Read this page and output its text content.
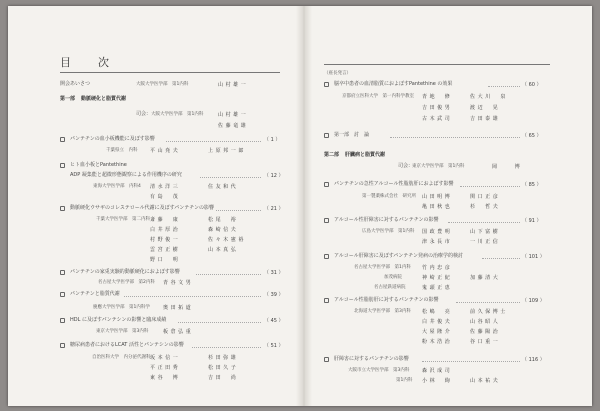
目　次
開会あいさつ	大阪大学医学部　第1内科	山 村 雄 一
第一部 動脈硬化と脂質代謝
司会： 大阪大学医学部　第1内科	山 村 雄 一
佐 藤 竜 雄
パンテチンの血小板機能に及ぼす影響	（ 1 ）
千葉県立　内科	平 山 尭 夫	上 原 邦 一 郎
ヒト血小板とPantethine
ADP 凝集能と超微形態観察による作用機序の研究	（ 12 ）
東海大学医学部　内科4 清 水 洋 三	住 友 和 代
有 島 　 茂
動脈硬化ウサギのコレステロール代謝に及ぼすパンテチンの影響	（ 21 ）
千葉大学医学部　第二内科 斎 藤 　 康	松 尾 　 裕
白 井 厚 治	森 崎 信 夫
村 野 俊 一	佐 々 木 憲 裕
雲 宮 正 樹	山 本 真 弘
野 口 　 明
パンテチンの家兎実験的動脈硬化におよぼす影響	（ 31 ）
名古屋大学医学部　第2内科 青 谷 文 男
パンテチンと脂質代謝	（ 39 ）
慶應大学医学部　第1内科学	奥 田 拓 道
HDL に及ぼすパンテシンの影響と臨床成績	（ 45 ）
東京大学医学部　第3内科	板 倉 弘 重
糖尿病患者におけるLCAT 活性とパンテシンの影響	（ 51 ）
自治医科大学　内分泌代謝科 坂 本 信 一	杉 田 弥 雄
平 正 田 秀	松 田 久 子
東 谷 　 博	吉 田 　 尚
（座長発言）
脳卒中患者の血清脂質におよぼすPantethine の効果	（ 60 ）
京都府立医科大学　第一内科学教室 青 地 　 修	佐 大 川 　 泉
吉 田 俊 男	渡 辺 　 晃
古 木 武 司	吉 田 泰 雄
第一部　討　論	（ 65 ）
第二部 肝臓病と脂質代謝
司会：
東京大学医学部　第1内科	岡 　 　 博
パンテチンの急性アルコール性脂肪肝におよぼす影響	（ 85 ）
第一製薬株式会社　研究所 山 田 明 博	関 口 正 彦
亀 田 秋 也	杉 　 哲 夫
アルコール性肝障害に対するパンテチンの影響	（ 91 ）
広島大学医学部　第1内科 国 政 豊 明	山 下 富 樹
津 永 長 市	一 川 正 信
アルコール肝障害に及ぼすパンテチン発病の治療学的検討	（ 101 ）
名古屋大学医学部　第1内科 竹 内 忠 彦
加茂病院	神 崎 正 紀	加 藤 清 大
名古屋鉄道病院	鬼 頭 正 恵
アルコール性脂肪肝に対するパンテチンの影響	（ 109 ）
北海道大学医学部　第3内科 松 嶋 　 亮	前 久 保 博 士
白 井 俊 夫	山 谷 昭 人
大 屋 隆 介	佐 藤 陽 治
粉 木 浩 治	谷 口 重 一
肝障害に対するパンテチンの影響	（ 116 ）
大阪市立大学医学部　第3内科	森 沢 成 司
第1内科 小 林 　 絢	山 本 祐 夫
